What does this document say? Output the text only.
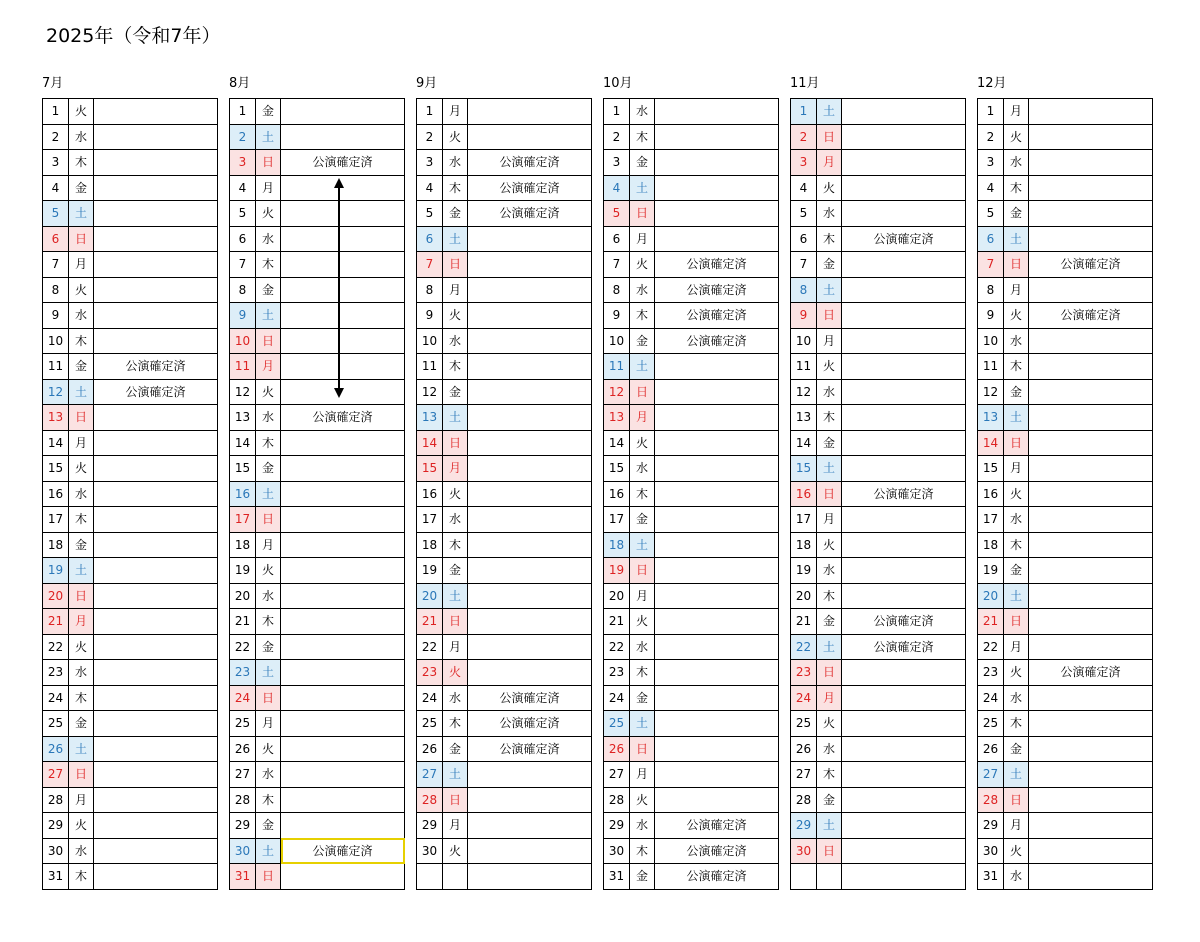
2025年（令和7年）
7月
1	火	
2	水	
3	木	
4	金	
5	土	
6	日	
7	月	
8	火	
9	水	
10	木	
11	金	公演確定済
12	土	公演確定済
13	日	
14	月	
15	火	
16	水	
17	木	
18	金	
19	土	
20	日	
21	月	
22	火	
23	水	
24	木	
25	金	
26	土	
27	日	
28	月	
29	火	
30	水	
31	木	
8月
1	金	
2	土	
3	日	公演確定済
4	月	
5	火	
6	水	
7	木	
8	金	
9	土	
10	日	
11	月	
12	火	
13	水	公演確定済
14	木	
15	金	
16	土	
17	日	
18	月	
19	火	
20	水	
21	木	
22	金	
23	土	
24	日	
25	月	
26	火	
27	水	
28	木	
29	金	
30	土	公演確定済
31	日	
9月
1	月	
2	火	
3	水	公演確定済
4	木	公演確定済
5	金	公演確定済
6	土	
7	日	
8	月	
9	火	
10	水	
11	木	
12	金	
13	土	
14	日	
15	月	
16	火	
17	水	
18	木	
19	金	
20	土	
21	日	
22	月	
23	火	
24	水	公演確定済
25	木	公演確定済
26	金	公演確定済
27	土	
28	日	
29	月	
30	火	

10月
1	水	
2	木	
3	金	
4	土	
5	日	
6	月	
7	火	公演確定済
8	水	公演確定済
9	木	公演確定済
10	金	公演確定済
11	土	
12	日	
13	月	
14	火	
15	水	
16	木	
17	金	
18	土	
19	日	
20	月	
21	火	
22	水	
23	木	
24	金	
25	土	
26	日	
27	月	
28	火	
29	水	公演確定済
30	木	公演確定済
31	金	公演確定済
11月
1	土	
2	日	
3	月	
4	火	
5	水	
6	木	公演確定済
7	金	
8	土	
9	日	
10	月	
11	火	
12	水	
13	木	
14	金	
15	土	
16	日	公演確定済
17	月	
18	火	
19	水	
20	木	
21	金	公演確定済
22	土	公演確定済
23	日	
24	月	
25	火	
26	水	
27	木	
28	金	
29	土	
30	日	

12月
1	月	
2	火	
3	水	
4	木	
5	金	
6	土	
7	日	公演確定済
8	月	
9	火	公演確定済
10	水	
11	木	
12	金	
13	土	
14	日	
15	月	
16	火	
17	水	
18	木	
19	金	
20	土	
21	日	
22	月	
23	火	公演確定済
24	水	
25	木	
26	金	
27	土	
28	日	
29	月	
30	火	
31	水	
